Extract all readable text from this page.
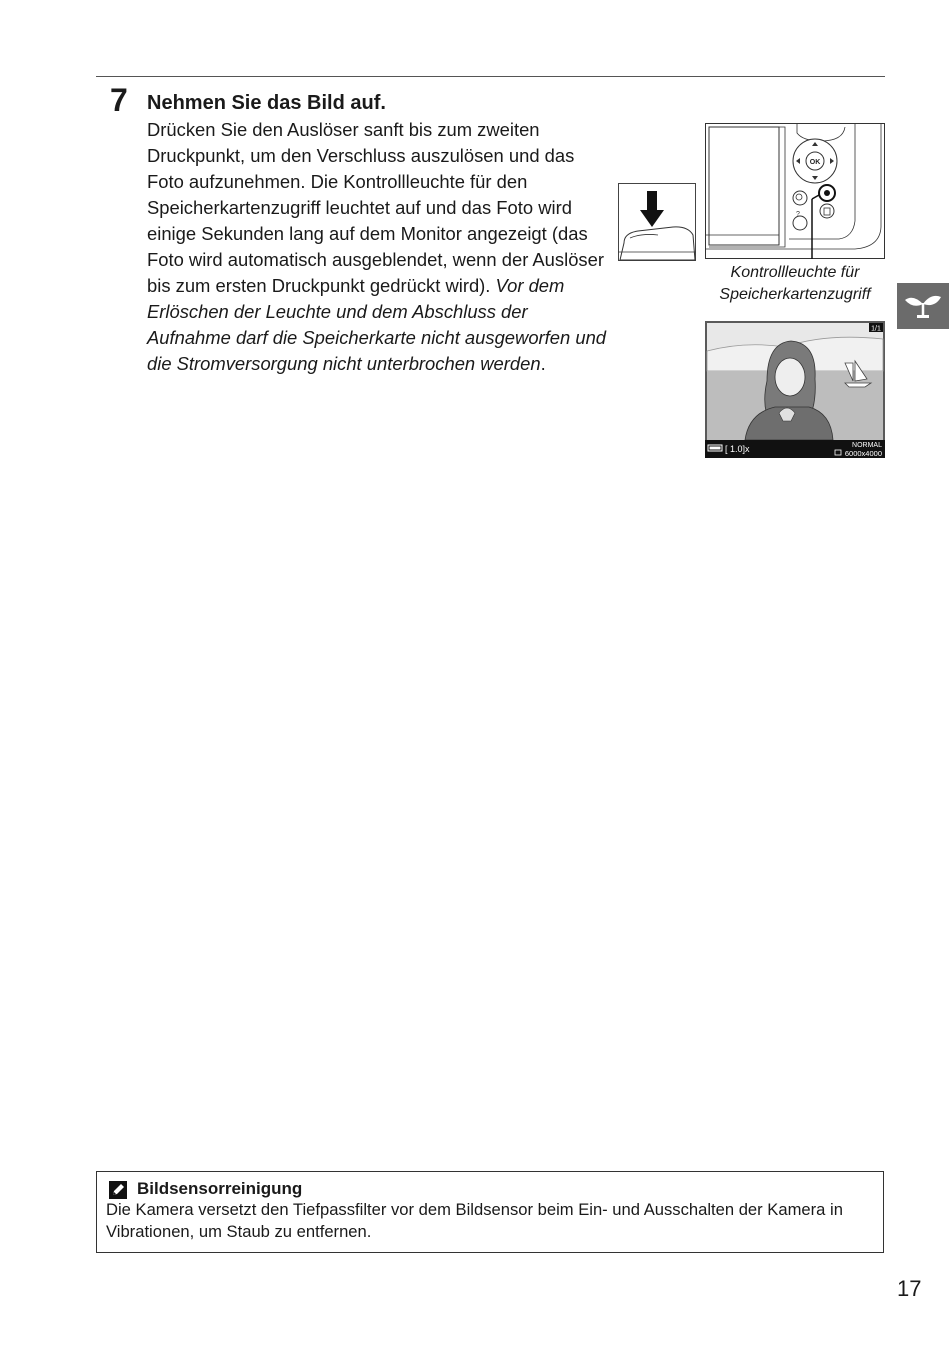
7 Nehmen Sie das Bild auf.
Drücken Sie den Auslöser sanft bis zum zweiten Druckpunkt, um den Verschluss auszulösen und das Foto aufzunehmen. Die Kontrollleuchte für den Speicherkartenzugriff leuchtet auf und das Foto wird einige Sekunden lang auf dem Monitor angezeigt (das Foto wird automatisch ausgeblendet, wenn der Auslöser bis zum ersten Druckpunkt gedrückt wird). Vor dem Erlöschen der Leuchte und dem Abschluss der Aufnahme darf die Speicherkarte nicht ausgeworfen und die Stromversorgung nicht unterbrochen werden.
OK
?
Kontrollleuchte für
Speicherkartenzugriff
1/1
[ 1.0]x	NORMAL
6000x4000
Bildsensorreinigung
Die Kamera versetzt den Tiefpassfilter vor dem Bildsensor beim Ein- und Ausschalten der Kamera in Vibrationen, um Staub zu entfernen.
17
